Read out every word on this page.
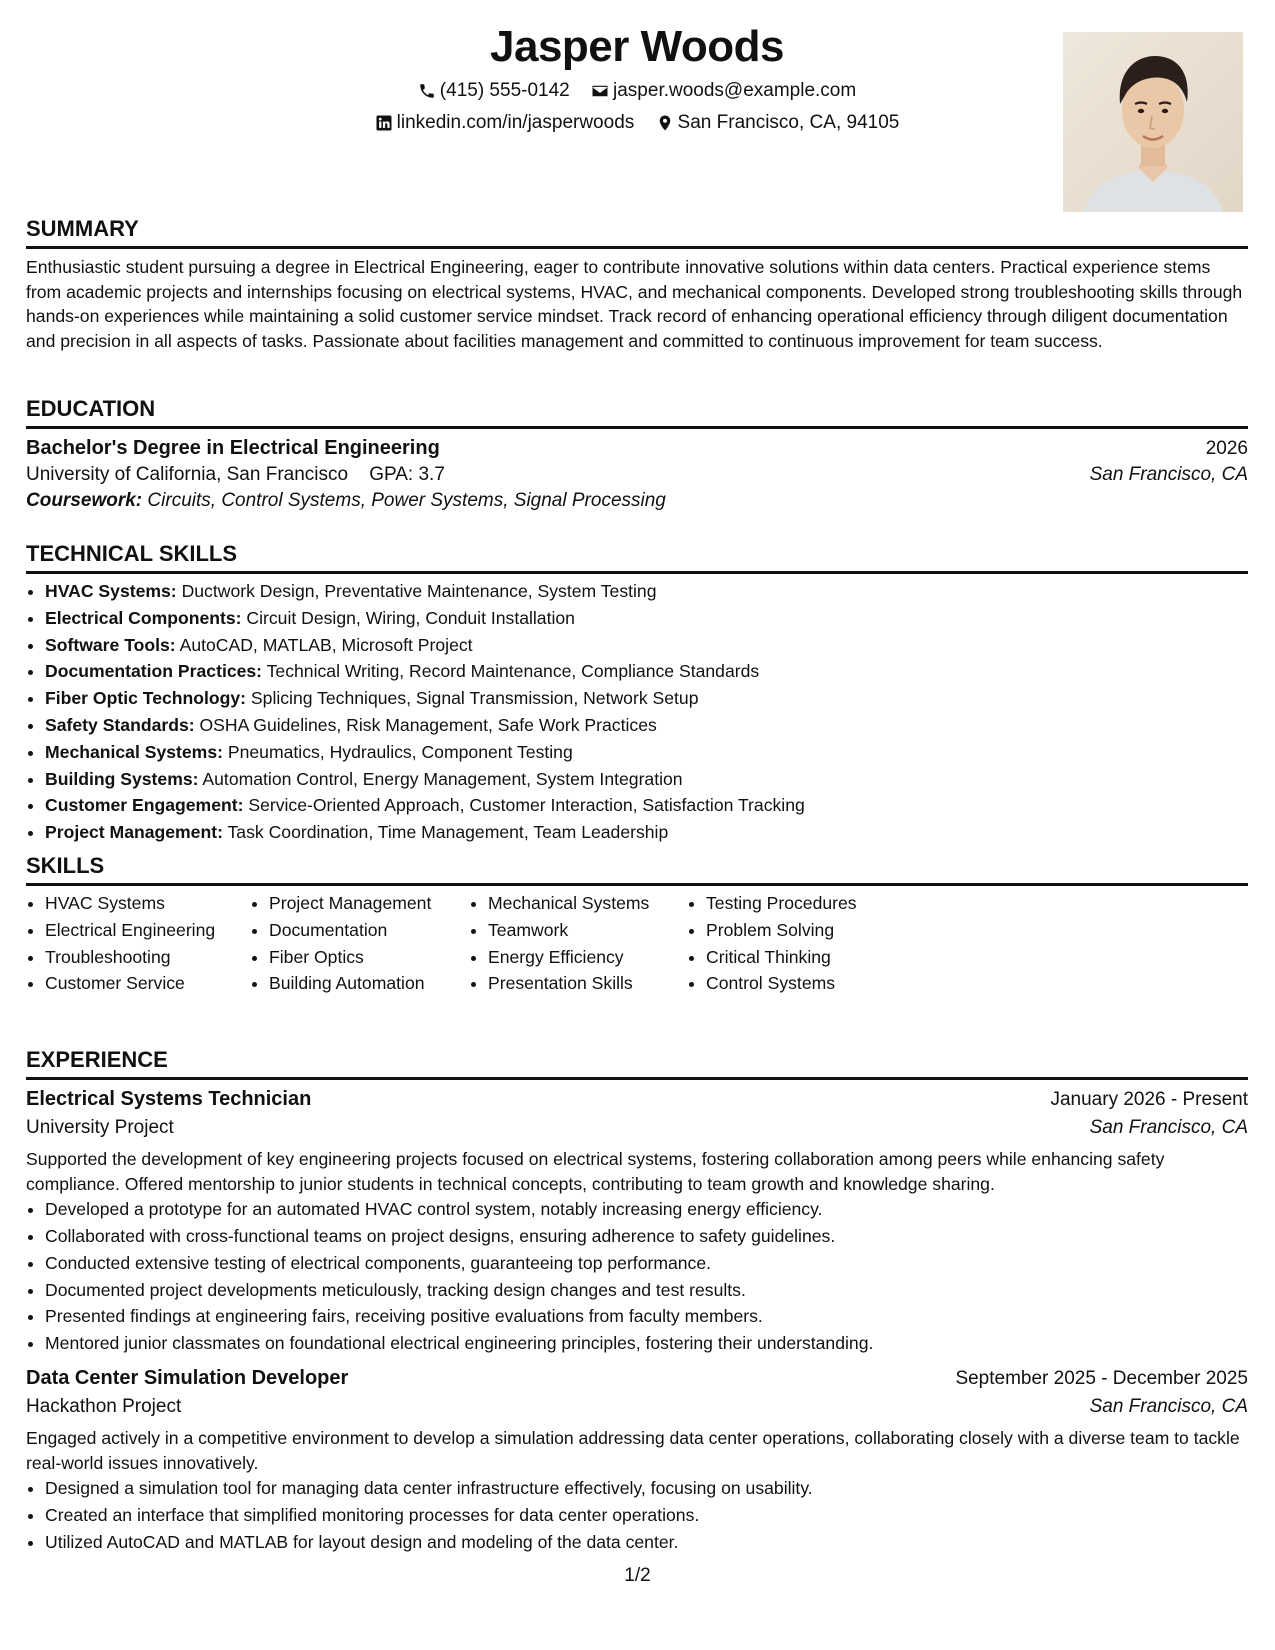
Jasper Woods
(415) 555-0142
jasper.woods@example.com
linkedin.com/in/jasperwoods
San Francisco, CA, 94105
SUMMARY

Enthusiastic student pursuing a degree in Electrical Engineering, eager to contribute innovative solutions within data centers. Practical experience stems from academic projects and internships focusing on electrical systems, HVAC, and mechanical components. Developed strong troubleshooting skills through hands-on experiences while maintaining a solid customer service mindset. Track record of enhancing operational efficiency through diligent documentation and precision in all aspects of tasks. Passionate about facilities management and committed to continuous improvement for team success.

EDUCATION
Bachelor's Degree in Electrical Engineering	2026
University of California, San Francisco GPA: 3.7	San Francisco, CA
Coursework: Circuits, Control Systems, Power Systems, Signal Processing
TECHNICAL SKILLS
• HVAC Systems: Ductwork Design, Preventative Maintenance, System Testing
• Electrical Components: Circuit Design, Wiring, Conduit Installation
• Software Tools: AutoCAD, MATLAB, Microsoft Project
• Documentation Practices: Technical Writing, Record Maintenance, Compliance Standards
• Fiber Optic Technology: Splicing Techniques, Signal Transmission, Network Setup
• Safety Standards: OSHA Guidelines, Risk Management, Safe Work Practices
• Mechanical Systems: Pneumatics, Hydraulics, Component Testing
• Building Systems: Automation Control, Energy Management, System Integration
• Customer Engagement: Service-Oriented Approach, Customer Interaction, Satisfaction Tracking
• Project Management: Task Coordination, Time Management, Team Leadership
SKILLS
• HVAC Systems
• Electrical Engineering
• Troubleshooting
• Customer Service
• Project Management
• Documentation
• Fiber Optics
• Building Automation
• Mechanical Systems
• Teamwork
• Energy Efficiency
• Presentation Skills
• Testing Procedures
• Problem Solving
• Critical Thinking
• Control Systems
EXPERIENCE
Electrical Systems Technician	January 2026 - Present
University Project	San Francisco, CA

Supported the development of key engineering projects focused on electrical systems, fostering collaboration among peers while enhancing safety compliance. Offered mentorship to junior students in technical concepts, contributing to team growth and knowledge sharing.

• Developed a prototype for an automated HVAC control system, notably increasing energy efficiency.
• Collaborated with cross-functional teams on project designs, ensuring adherence to safety guidelines.
• Conducted extensive testing of electrical components, guaranteeing top performance.
• Documented project developments meticulously, tracking design changes and test results.
• Presented findings at engineering fairs, receiving positive evaluations from faculty members.
• Mentored junior classmates on foundational electrical engineering principles, fostering their understanding.
Data Center Simulation Developer	September 2025 - December 2025
Hackathon Project	San Francisco, CA

Engaged actively in a competitive environment to develop a simulation addressing data center operations, collaborating closely with a diverse team to tackle real-world issues innovatively.

• Designed a simulation tool for managing data center infrastructure effectively, focusing on usability.
• Created an interface that simplified monitoring processes for data center operations.
• Utilized AutoCAD and MATLAB for layout design and modeling of the data center.
1/2
